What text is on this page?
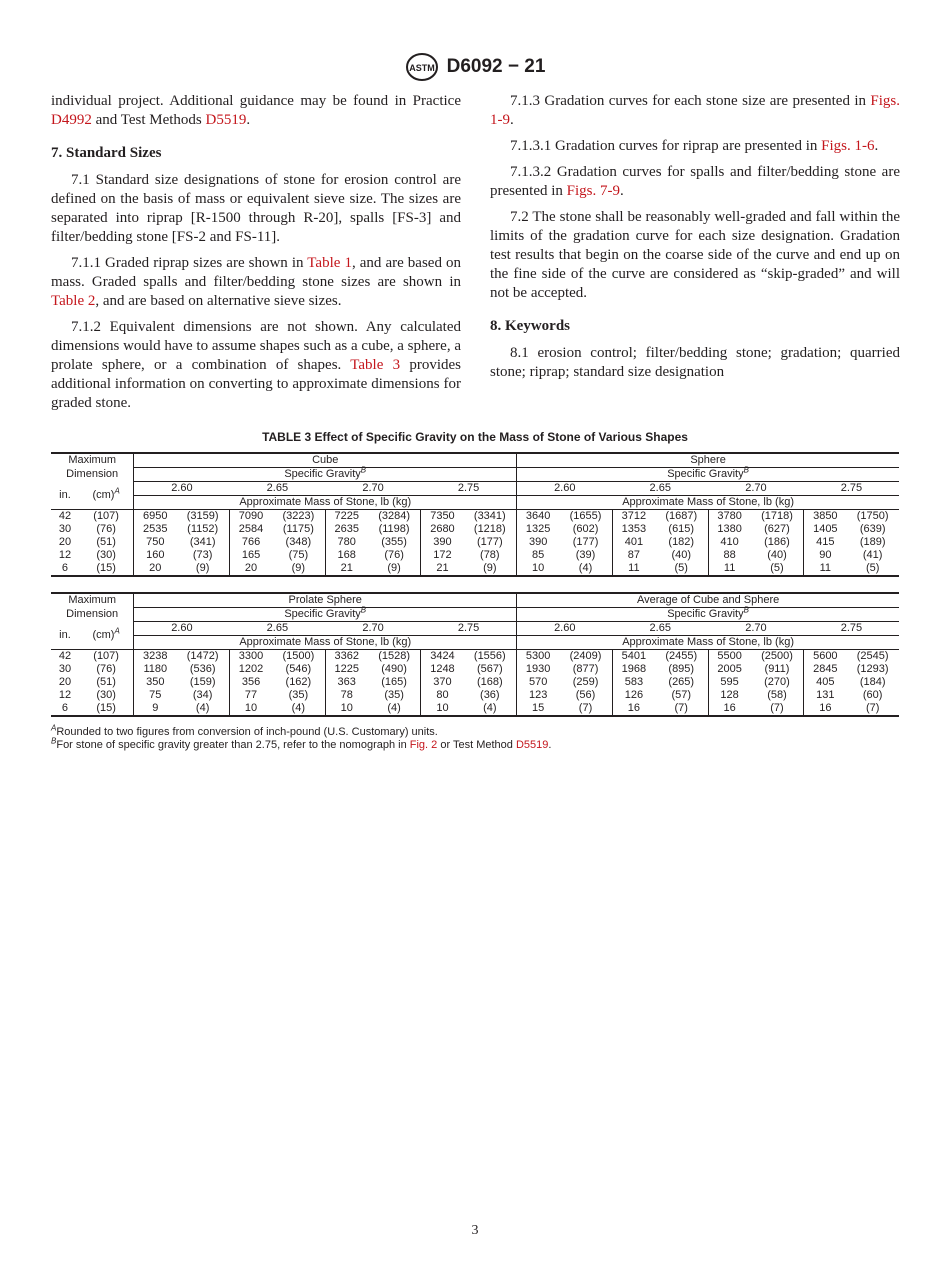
ASTM D6092 − 21

individual project. Additional guidance may be found in Practice D4992 and Test Methods D5519.

7. Standard Sizes

7.1 Standard size designations of stone for erosion control are defined on the basis of mass or equivalent sieve size. The sizes are separated into riprap [R-1500 through R-20], spalls [FS-3] and filter/bedding stone [FS-2 and FS-11].

7.1.1 Graded riprap sizes are shown in Table 1, and are based on mass. Graded spalls and filter/bedding stone sizes are shown in Table 2, and are based on alternative sieve sizes.

7.1.2 Equivalent dimensions are not shown. Any calculated dimensions would have to assume shapes such as a cube, a sphere, a prolate sphere, or a combination of shapes. Table 3 provides additional information on converting to approximate dimensions for graded stone.

7.1.3 Gradation curves for each stone size are presented in Figs. 1-9.

7.1.3.1 Gradation curves for riprap are presented in Figs. 1-6.

7.1.3.2 Gradation curves for spalls and filter/bedding stone are presented in Figs. 7-9.

7.2 The stone shall be reasonably well-graded and fall within the limits of the gradation curve for each size designation. Gradation test results that begin on the coarse side of the curve and end up on the fine side of the curve are considered as “skip-graded” and will not be accepted.

8. Keywords

8.1 erosion control; filter/bedding stone; gradation; quarried stone; riprap; standard size designation

TABLE 3 Effect of Specific Gravity on the Mass of Stone of Various Shapes
Maximum		Cube								Sphere							
Dimension		Specific Gravity$^B$								Specific Gravity$^B$
in.	(cm)$^A$	2.60		2.65		2.70		2.75		2.60		2.65		2.70		2.75	
		Approximate Mass of Stone, lb (kg)								Approximate Mass of Stone, lb (kg)							
42	(107)	6950	(3159)	7090	(3223)	7225	(3284)	7350	(3341)	3640	(1655)	3712	(1687)	3780	(1718)	3850	(1750)
30	(76)	2535	(1152)	2584	(1175)	2635	(1198)	2680	(1218)	1325	(602)	1353	(615)	1380	(627)	1405	(639)
20	(51)	750	(341)	766	(348)	780	(355)	390	(177)	390	(177)	401	(182)	410	(186)	415	(189)
12	(30)	160	(73)	165	(75)	168	(76)	172	(78)	85	(39)	87	(40)	88	(40)	90	(41)
6	(15)	20	(9)	20	(9)	21	(9)	21	(9)	10	(4)	11	(5)	11	(5)	11	(5)
Maximum		Prolate Sphere								Average of Cube and Sphere							
Dimension		Specific Gravity$^B$								Specific Gravity$^B$
in.	(cm)$^A$	2.60		2.65		2.70		2.75		2.60		2.65		2.70		2.75	
		Approximate Mass of Stone, lb (kg)								Approximate Mass of Stone, lb (kg)							
42	(107)	3238	(1472)	3300	(1500)	3362	(1528)	3424	(1556)	5300	(2409)	5401	(2455)	5500	(2500)	5600	(2545)
30	(76)	1180	(536)	1202	(546)	1225	(490)	1248	(567)	1930	(877)	1968	(895)	2005	(911)	2845	(1293)
20	(51)	350	(159)	356	(162)	363	(165)	370	(168)	570	(259)	583	(265)	595	(270)	405	(184)
12	(30)	75	(34)	77	(35)	78	(35)	80	(36)	123	(56)	126	(57)	128	(58)	131	(60)
6	(15)	9	(4)	10	(4)	10	(4)	10	(4)	15	(7)	16	(7)	16	(7)	16	(7)
$^A$Rounded to two figures from conversion of inch-pound (U.S. Customary) units.
$^B$For stone of specific gravity greater than 2.75, refer to the nomograph in Fig. 2 or Test Method D5519.
3
